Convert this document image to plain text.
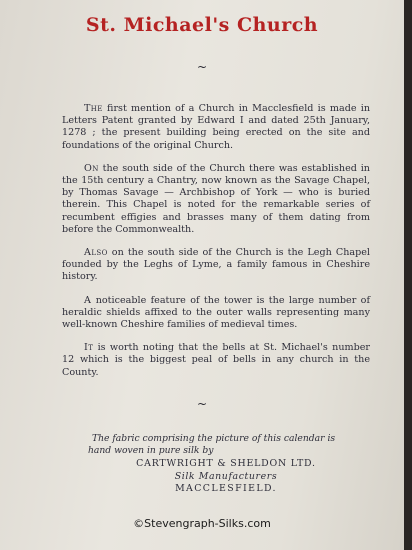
St. Michael's Church
~

The first mention of a Church in Macclesfield is made in Letters Patent granted by Edward I and dated 25th January, 1278 ; the present building being erected on the site and foundations of the original Church.

On the south side of the Church there was established in the 15th century a Chantry, now known as the Savage Chapel, by Thomas Savage — Archbishop of York — who is buried therein. This Chapel is noted for the remarkable series of recumbent effigies and brasses many of them dating from before the Commonwealth.

Also on the south side of the Church is the Legh Chapel founded by the Leghs of Lyme, a family famous in Cheshire history.

A noticeable feature of the tower is the large number of heraldic shields affixed to the outer walls representing many well-known Cheshire families of medieval times.

It is worth noting that the bells at St. Michael's number 12 which is the biggest peal of bells in any church in the County.

~

The fabric comprising the picture of this calendar is
hand woven in pure silk by

CARTWRIGHT & SHELDON LTD.
Silk Manufacturers
MACCLESFIELD.
©Stevengraph-Silks.com
